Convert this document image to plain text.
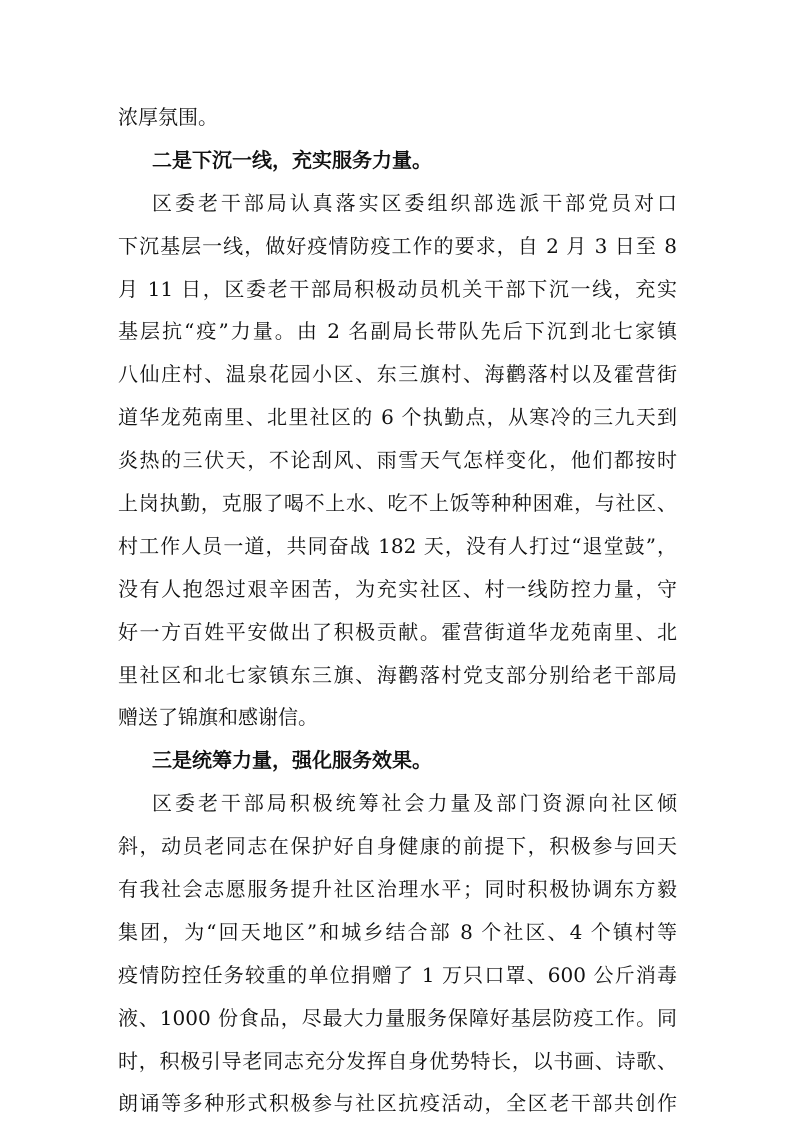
浓厚氛围。
二是下沉一线，充实服务力量。
区委老干部局认真落实区委组织部选派干部党员对口
下沉基层一线，做好疫情防疫工作的要求，自 2 月 3 日至 8
月 11 日，区委老干部局积极动员机关干部下沉一线，充实
基层抗“疫”力量。由 2 名副局长带队先后下沉到北七家镇
八仙庄村、温泉花园小区、东三旗村、海鹳落村以及霍营街
道华龙苑南里、北里社区的 6 个执勤点，从寒冷的三九天到
炎热的三伏天，不论刮风、雨雪天气怎样变化，他们都按时
上岗执勤，克服了喝不上水、吃不上饭等种种困难，与社区、
村工作人员一道，共同奋战 182 天，没有人打过“退堂鼓”，
没有人抱怨过艰辛困苦，为充实社区、村一线防控力量，守
好一方百姓平安做出了积极贡献。霍营街道华龙苑南里、北
里社区和北七家镇东三旗、海鹳落村党支部分别给老干部局
赠送了锦旗和感谢信。
三是统筹力量，强化服务效果。
区委老干部局积极统筹社会力量及部门资源向社区倾
斜，动员老同志在保护好自身健康的前提下，积极参与回天
有我社会志愿服务提升社区治理水平；同时积极协调东方毅
集团，为“回天地区”和城乡结合部 8 个社区、4 个镇村等
疫情防控任务较重的单位捐赠了 1 万只口罩、600 公斤消毒
液、1000 份食品，尽最大力量服务保障好基层防疫工作。同
时，积极引导老同志充分发挥自身优势特长，以书画、诗歌、
朗诵等多种形式积极参与社区抗疫活动，全区老干部共创作
